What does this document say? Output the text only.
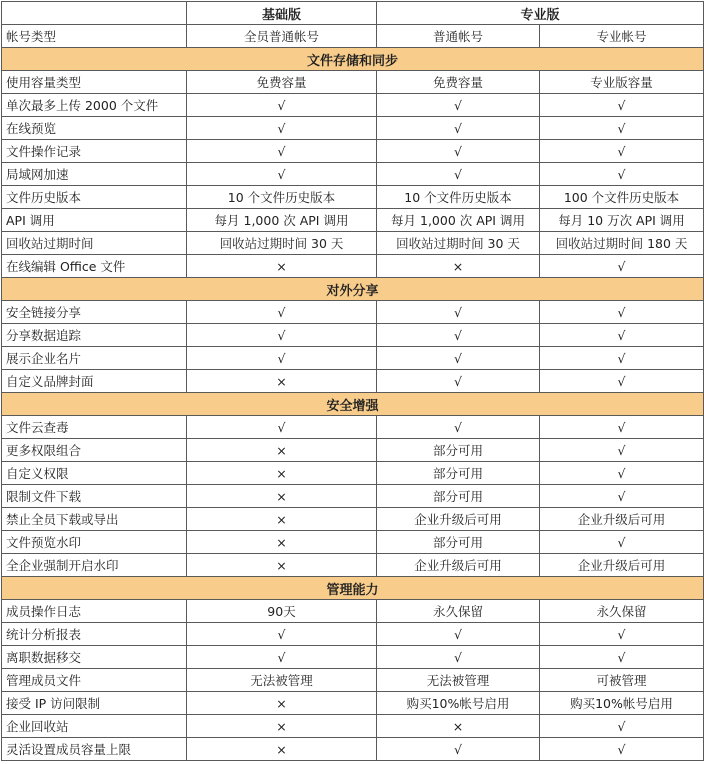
	基础版	专业版	
帐号类型	全员普通帐号	普通帐号	专业帐号
文件存储和同步			
使用容量类型	免费容量	免费容量	专业版容量
单次最多上传 2000 个文件	√	√	√
在线预览	√	√	√
文件操作记录	√	√	√
局域网加速	√	√	√
文件历史版本	10 个文件历史版本	10 个文件历史版本	100 个文件历史版本
API 调用	每月 1,000 次 API 调用	每月 1,000 次 API 调用	每月 10 万次 API 调用
回收站过期时间	回收站过期时间 30 天	回收站过期时间 30 天	回收站过期时间 180 天
在线编辑 Office 文件	×	×	√
对外分享			
安全链接分享	√	√	√
分享数据追踪	√	√	√
展示企业名片	√	√	√
自定义品牌封面	×	√	√
安全增强			
文件云查毒	√	√	√
更多权限组合	×	部分可用	√
自定义权限	×	部分可用	√
限制文件下载	×	部分可用	√
禁止全员下载或导出	×	企业升级后可用	企业升级后可用
文件预览水印	×	部分可用	√
全企业强制开启水印	×	企业升级后可用	企业升级后可用
管理能力			
成员操作日志	90天	永久保留	永久保留
统计分析报表	√	√	√
离职数据移交	√	√	√
管理成员文件	无法被管理	无法被管理	可被管理
接受 IP 访问限制	×	购买10%帐号启用	购买10%帐号启用
企业回收站	×	×	√
灵活设置成员容量上限	×	√	√
